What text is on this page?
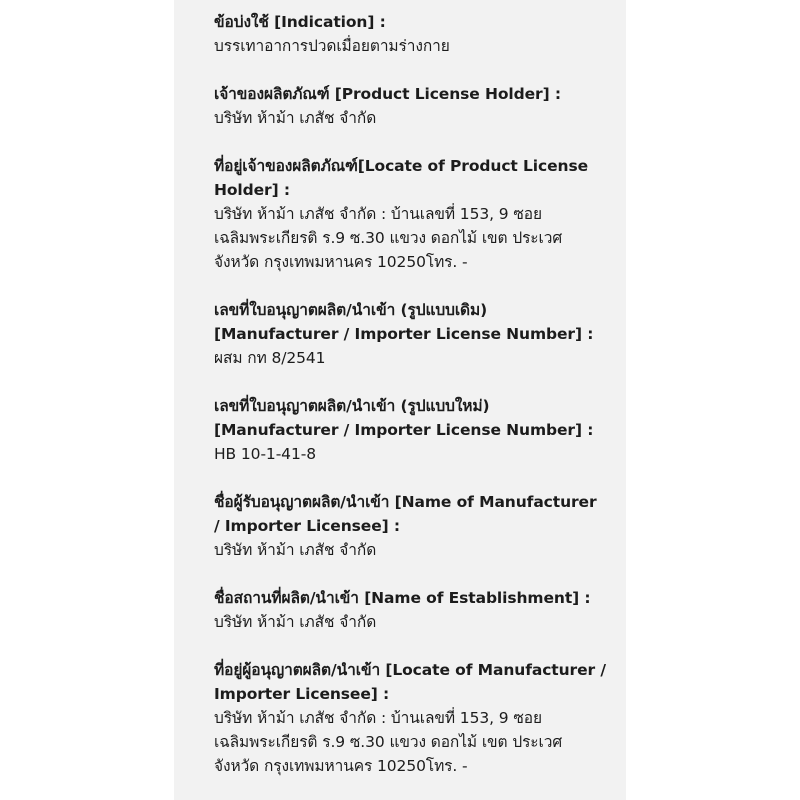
ข้อบ่งใช้ [Indication] :
บรรเทาอาการปวดเมื่อยตามร่างกาย
เจ้าของผลิตภัณฑ์ [Product License Holder] :
บริษัท ห้าม้า เภสัช จำกัด
ที่อยู่เจ้าของผลิตภัณฑ์[Locate of Product License
Holder] :
บริษัท ห้าม้า เภสัช จำกัด : บ้านเลขที่ 153, 9 ซอย
เฉลิมพระเกียรติ ร.9 ซ.30 แขวง ดอกไม้ เขต ประเวศ
จังหวัด กรุงเทพมหานคร 10250โทร. -
เลขที่ใบอนุญาตผลิต/นำเข้า (รูปแบบเดิม)
[Manufacturer / Importer License Number] :
ผสม กท 8/2541
เลขที่ใบอนุญาตผลิต/นำเข้า (รูปแบบใหม่)
[Manufacturer / Importer License Number] :
HB 10-1-41-8
ชื่อผู้รับอนุญาตผลิต/นำเข้า [Name of Manufacturer
/ Importer Licensee] :
บริษัท ห้าม้า เภสัช จำกัด
ชื่อสถานที่ผลิต/นำเข้า [Name of Establishment] :
บริษัท ห้าม้า เภสัช จำกัด
ที่อยู่ผู้อนุญาตผลิต/นำเข้า [Locate of Manufacturer /
Importer Licensee] :
บริษัท ห้าม้า เภสัช จำกัด : บ้านเลขที่ 153, 9 ซอย
เฉลิมพระเกียรติ ร.9 ซ.30 แขวง ดอกไม้ เขต ประเวศ
จังหวัด กรุงเทพมหานคร 10250โทร. -
